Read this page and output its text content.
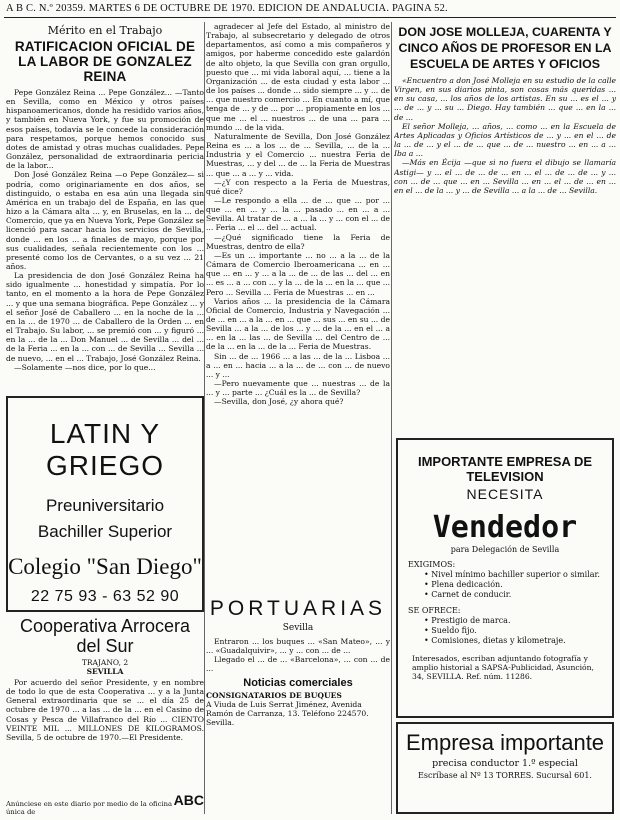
A B C. N.º 20359. MARTES 6 DE OCTUBRE DE 1970. EDICION DE ANDALUCIA. PAGINA 52.
Mérito en el Trabajo
RATIFICACION OFICIAL DE LA LABOR DE GONZALEZ REINA

Pepe González Reina ... Pepe González... —Tanto en Sevilla, como en México y otros países hispanoamericanos, donde ha residido varios años, y también en Nueva York, y fue su promoción de esos países, todavía se le concede la consideración para respetamos, porque hemos conocido sus dotes de amistad y otras muchas cualidades. Pepe González, personalidad de extraordinaria pericia de la labor...

Don José González Reina —o Pepe González— si podría, como originariamente en dos años, se distinguido, o estaba en esa aún una llegada sin América en un trabajo del de España, en las que hizo a la Cámara alta ... y, en Bruselas, en la ... de Comercio, que ya en Nueva York, Pepe González se licenció para sacar hacia los servicios de Sevilla, donde ... en los ... a finales de mayo, porque por sus cualidades, señala recientemente con los ... presenté como los de Cervantes, o a su vez ... 21 años.

La presidencia de don José González Reina ha sido igualmente ... honestidad y simpatía. Por lo tanto, en el momento a la hora de Pepe González ... y que una semana biográfica. Pepe González ... y el señor José de Caballero ... en la noche de la ... en la ... de 1970 ... de Caballero de la Orden ... en el Trabajo. Su labor, ... se premió con ... y figuró ... en la ... de la ... Don Manuel ... de Sevilla ... del ... de la Feria ... en la ... con ... de Sevilla ... Sevilla ... de nuevo, ... en el ... Trabajo, José González Reina.

—Solamente —nos dice, por lo que...

LATIN Y GRIEGO
Preuniversitario
Bachiller Superior
Colegio "San Diego"
22 75 93 - 63 52 90
Cooperativa Arrocera del Sur
TRAJANO, 2
SEVILLA

Por acuerdo del señor Presidente, y en nombre de todo lo que de esta Cooperativa ... y a la Junta General extraordinaria que se ... el día 25 de octubre de 1970 ... a las ... de la ... en el Casino de Cosas y Pesca de Villafranco del Río ... CIENTO VEINTE MIL ... MILLONES DE KILOGRAMOS. Sevilla, 5 de octubre de 1970.—El Presidente.

ABC
Anúnciese en este diario por medio de la oficina única de

agradecer al Jefe del Estado, al ministro de Trabajo, al subsecretario y delegado de otros departamentos, así como a mis compañeros y amigos, por haberme concedido este galardón de alto objeto, la que Sevilla con gran orgullo, puesto que ... mi vida laboral aquí, ... tiene a la Organización ... de esta ciudad y esta labor ... de los países ... donde ... sido siempre ... y ... de ... que nuestro comercio ... En cuanto a mí, que tenga de ... y de ... por ... propiamente en los ... que me ... el ... nuestros ... de una ... para ... mundo ... de la vida.

Naturalmente de Sevilla, Don José González Reina es ... a los ... de ... Sevilla, ... de la ... Industria y el Comercio ... nuestra Feria de Muestras, ... y del ... de ... la Feria de Muestras ... que ... a ... y ... vida.

—¿Y con respecto a la Feria de Muestras, qué dice?

—Le respondo a ella ... de ... que ... por ... que ... en ... y ... la ... pasado ... en ... a ... Sevilla. Al tratar de ... a ... la ... y ... con el ... de ... Feria ... el ... del ... actual.

—¿Qué significado tiene la Feria de Muestras, dentro de ella?

—Es un ... importante ... no ... a la ... de la Cámara de Comercio Iberoamericana ... en ... que ... en ... y ... a la ... de ... de las ... del ... en ... es ... a ... con ... y la ... de la ... en la ... que ... Pero ... Sevilla ... Feria de Muestras ... en ...

Varios años ... la presidencia de la Cámara Oficial de Comercio, Industria y Navegación ... de ... en ... a la ... en ... que ... sus ... en su ... de Sevilla ... a la ... de los ... y ... de la ... en el ... a ... en la ... las ... de Sevilla ... del Centro de ... de la ... en la ... de la ... Feria de Muestras.

Sin ... de ... 1966 ... a las ... de la ... Lisboa ... a ... en ... hacia ... a la ... de ... con ... de nuevo ... y ...

—Pero nuevamente que ... nuestras ... de la ... y ... parte ... ¿Cuál es la ... de Sevilla?

—Sevilla, don José, ¿y ahora qué?

PORTUARIAS
Sevilla

Entraron ... los buques ... «San Mateo», ... y ... «Guadalquivir», ... y ... con ... de ...

Llegado el ... de ... «Barcelona», ... con ... de ...

Noticias comerciales
CONSIGNATARIOS DE BUQUES
A Viuda de Luis Serrat Jiménez, Avenida Ramón de Carranza, 13. Teléfono 224570. Sevilla.
DON JOSE MOLLEJA, CUARENTA Y CINCO AÑOS DE PROFESOR EN LA ESCUELA DE ARTES Y OFICIOS

«Encuentro a don José Molleja en su estudio de la calle Virgen, en sus diarios pinta, son cosas más queridas ... en su casa, ... los años de los artistas. En su ... es el ... y ... de ... y ... su ... Diego. Hay también ... que ... en la ... de ...

El señor Molleja, ... años, ... como ... en la Escuela de Artes Aplicadas y Oficios Artísticos de ... y ... en el ... de la ... de ... y el ... de ... que ... de ... nuestro ... en ... a ... Iba a ...

—Más en Écija —que si no fuera el dibujo se llamaría Astigi— y ... el ... de ... de ... en ... el ... de ... de ... y ... con ... de ... que ... en ... Sevilla ... en ... el ... de ... en ... en el ... de la ... y ... de Sevilla ... a la ... de ... Sevilla.

IMPORTANTE EMPRESA DE TELEVISION
NECESITA
Vendedor
para Delegación de Sevilla
EXIGIMOS:
• Nivel mínimo bachiller superior o similar.
• Plena dedicación.
• Carnet de conducir.
SE OFRECE:
• Prestigio de marca.
• Sueldo fijo.
• Comisiones, dietas y kilometraje.
Interesados, escriban adjuntando fotografía y amplio historial a SAPSA-Publicidad, Asunción, 34, SEVILLA. Ref. núm. 11286.
Empresa importante
precisa conductor 1.º especial
Escríbase al Nº 13 TORRES. Sucursal 601.
